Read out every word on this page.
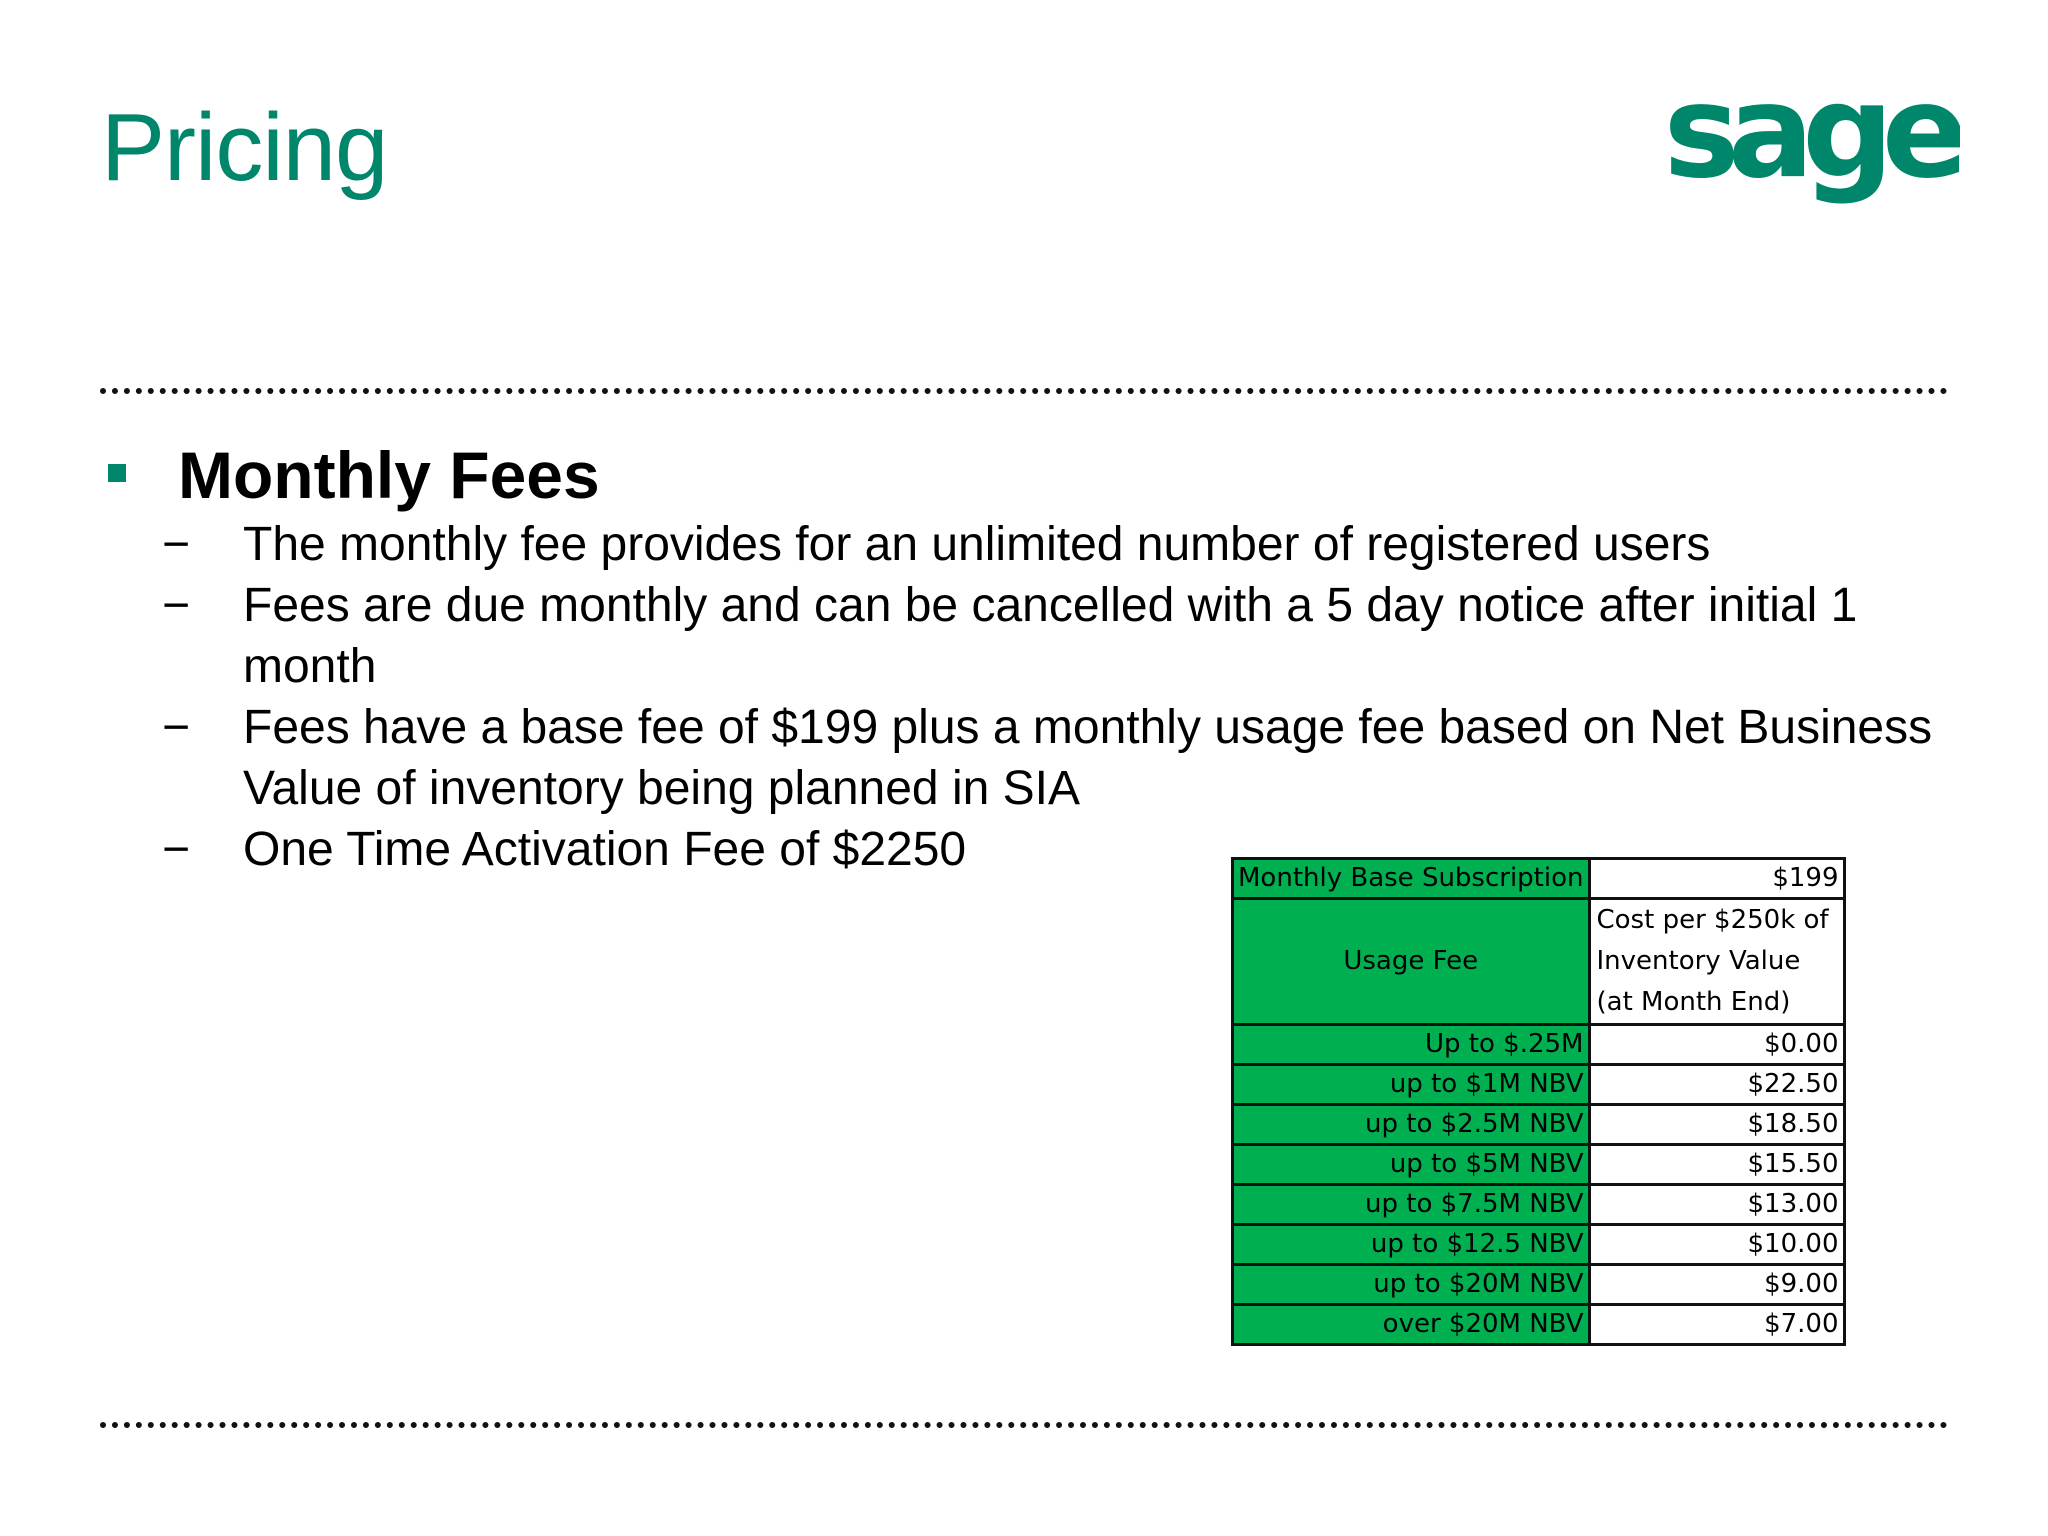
Pricing	sage
Monthly Fees
− The monthly fee provides for an unlimited number of registered users
− Fees are due monthly and can be cancelled with a 5 day notice after initial 1 month
− Fees have a base fee of $199 plus a monthly usage fee based on Net Business Value of inventory being planned in SIA
− One Time Activation Fee of $2250
Monthly Base Subscription	$199
Usage Fee	Cost per $250k of Inventory Value (at Month End)
Up to $.25M	$0.00
up to $1M NBV	$22.50
up to $2.5M NBV	$18.50
up to $5M NBV	$15.50
up to $7.5M NBV	$13.00
up to $12.5 NBV	$10.00
up to $20M NBV	$9.00
over $20M NBV	$7.00
